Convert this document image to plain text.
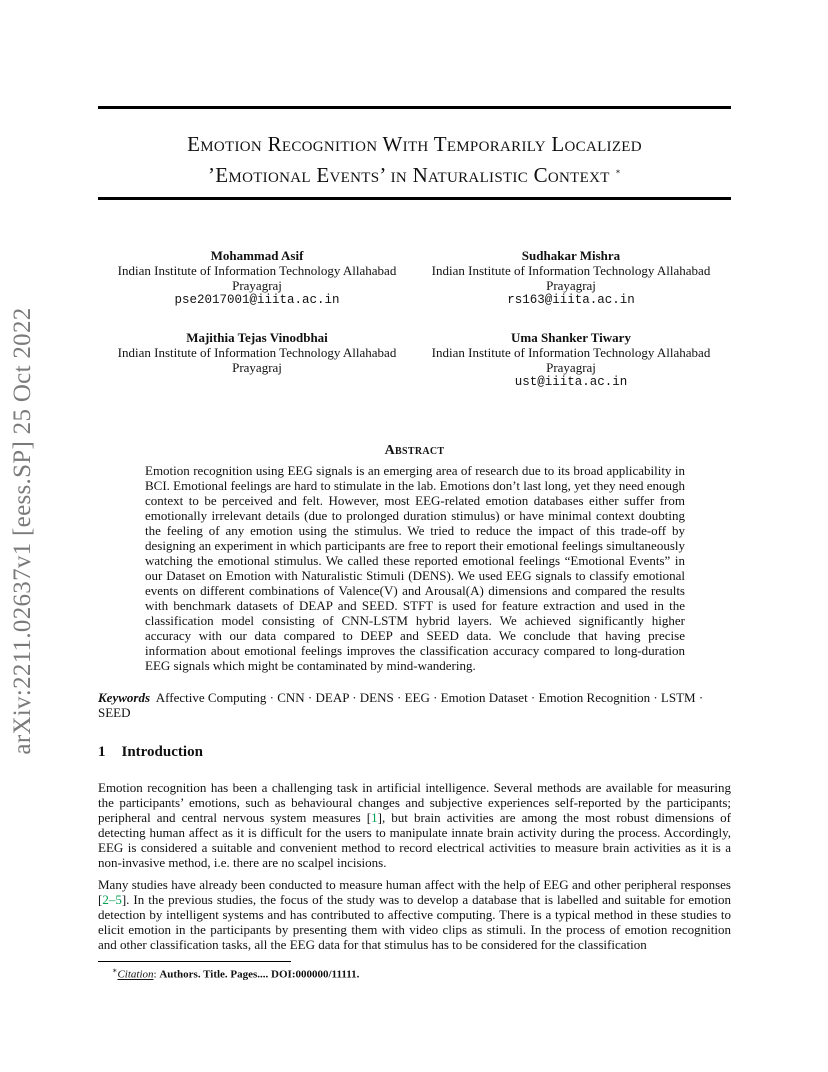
arXiv:2211.02637v1 [eess.SP] 25 Oct 2022
Emotion Recognition With Temporarily Localized
’Emotional Events’ in Naturalistic Context ∗
Mohammad Asif
Indian Institute of Information Technology Allahabad
Prayagraj
pse2017001@iiita.ac.in
Sudhakar Mishra
Indian Institute of Information Technology Allahabad
Prayagraj
rs163@iiita.ac.in
Majithia Tejas Vinodbhai
Indian Institute of Information Technology Allahabad
Prayagraj
Uma Shanker Tiwary
Indian Institute of Information Technology Allahabad
Prayagraj
ust@iiita.ac.in
Abstract
Emotion recognition using EEG signals is an emerging area of research due to its broad applicability in BCI. Emotional feelings are hard to stimulate in the lab. Emotions don’t last long, yet they need enough context to be perceived and felt. However, most EEG-related emotion databases either suffer from emotionally irrelevant details (due to prolonged duration stimulus) or have minimal context doubting the feeling of any emotion using the stimulus. We tried to reduce the impact of this trade-off by designing an experiment in which participants are free to report their emotional feelings simultaneously watching the emotional stimulus. We called these reported emotional feelings “Emotional Events” in our Dataset on Emotion with Naturalistic Stimuli (DENS). We used EEG signals to classify emotional events on different combinations of Valence(V) and Arousal(A) dimensions and compared the results with benchmark datasets of DEAP and SEED. STFT is used for feature extraction and used in the classification model consisting of CNN-LSTM hybrid layers. We achieved significantly higher accuracy with our data compared to DEEP and SEED data. We conclude that having precise information about emotional feelings improves the classification accuracy compared to long-duration EEG signals which might be contaminated by mind-wandering.
Keywords Affective Computing · CNN · DEAP · DENS · EEG · Emotion Dataset · Emotion Recognition · LSTM · SEED
1 Introduction
Emotion recognition has been a challenging task in artificial intelligence. Several methods are available for measuring the participants’ emotions, such as behavioural changes and subjective experiences self-reported by the participants; peripheral and central nervous system measures [1], but brain activities are among the most robust dimensions of detecting human affect as it is difficult for the users to manipulate innate brain activity during the process. Accordingly, EEG is considered a suitable and convenient method to record electrical activities to measure brain activities as it is a non-invasive method, i.e. there are no scalpel incisions.
Many studies have already been conducted to measure human affect with the help of EEG and other peripheral responses [2–5]. In the previous studies, the focus of the study was to develop a database that is labelled and suitable for emotion detection by intelligent systems and has contributed to affective computing. There is a typical method in these studies to elicit emotion in the participants by presenting them with video clips as stimuli. In the process of emotion recognition and other classification tasks, all the EEG data for that stimulus has to be considered for the classification
∗Citation: Authors. Title. Pages.... DOI:000000/11111.
